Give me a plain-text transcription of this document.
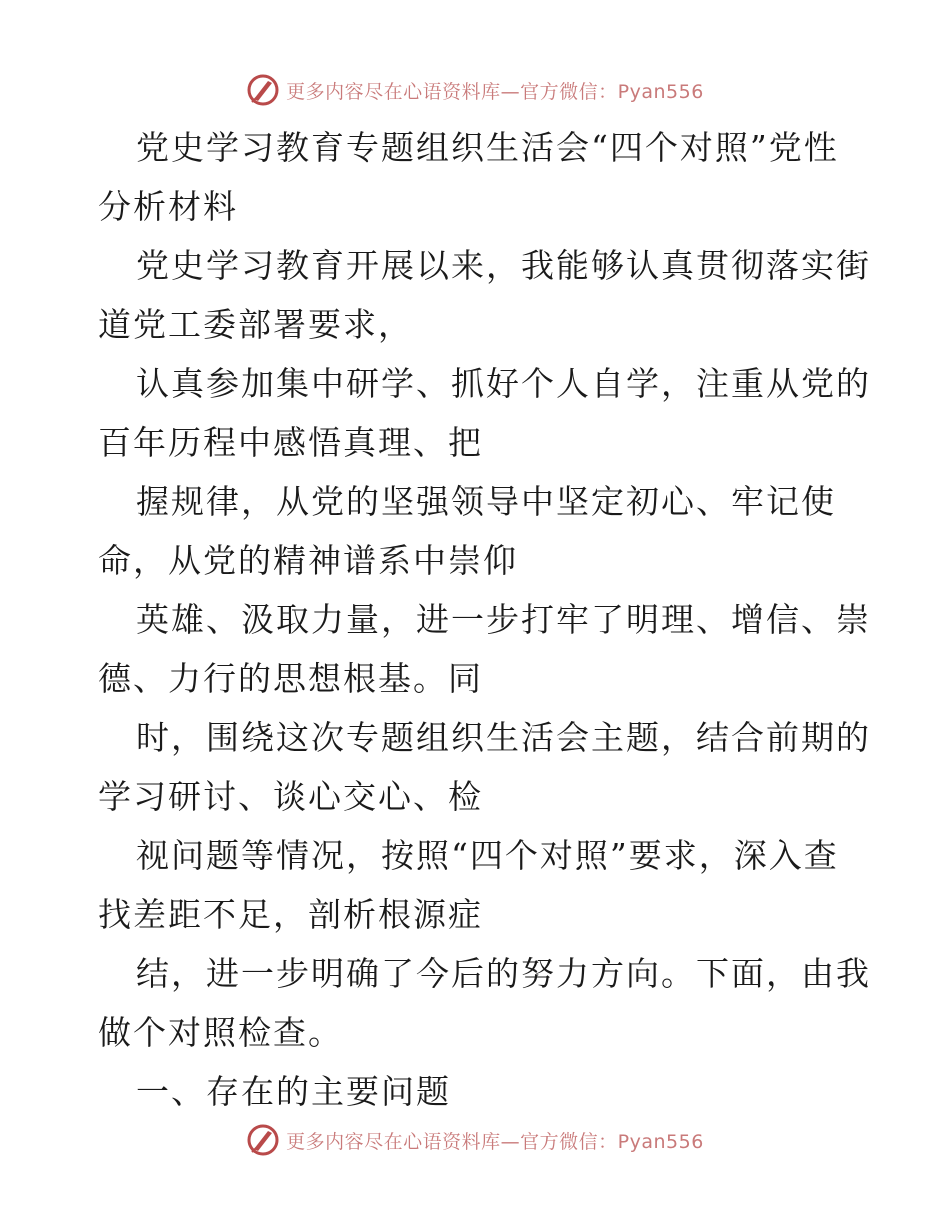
更多内容尽在心语资料库—官方微信：Pyan556

党史学习教育专题组织生活会“四个对照”党性
分析材料

党史学习教育开展以来，我能够认真贯彻落实街
道党工委部署要求，

认真参加集中研学、抓好个人自学，注重从党的
百年历程中感悟真理、把

握规律，从党的坚强领导中坚定初心、牢记使
命，从党的精神谱系中崇仰

英雄、汲取力量，进一步打牢了明理、增信、崇
德、力行的思想根基。同

时，围绕这次专题组织生活会主题，结合前期的
学习研讨、谈心交心、检

视问题等情况，按照“四个对照”要求，深入查
找差距不足，剖析根源症

结，进一步明确了今后的努力方向。下面，由我
做个对照检查。

一、存在的主要问题

更多内容尽在心语资料库—官方微信：Pyan556
